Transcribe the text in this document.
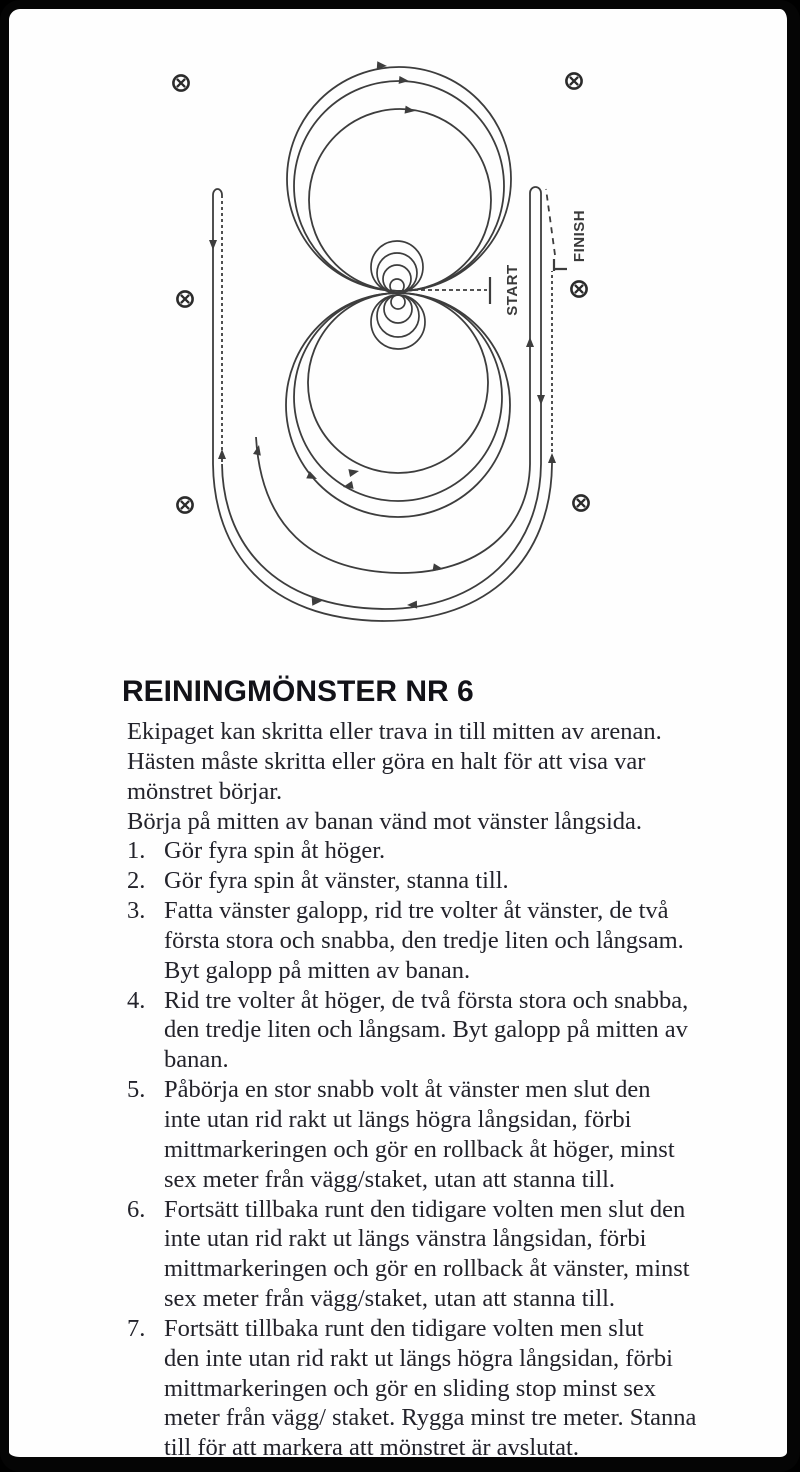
START
FINISH
REININGMÖNSTER NR 6
Ekipaget kan skritta eller trava in till mitten av arenan.
Hästen måste skritta eller göra en halt för att visa var
mönstret börjar.
Börja på mitten av banan vänd mot vänster långsida.
1. Gör fyra spin åt höger.
2. Gör fyra spin åt vänster, stanna till.
3. Fatta vänster galopp, rid tre volter åt vänster, de två
första stora och snabba, den tredje liten och långsam.
Byt galopp på mitten av banan.
4. Rid tre volter åt höger, de två första stora och snabba,
den tredje liten och långsam. Byt galopp på mitten av
banan.
5. Påbörja en stor snabb volt åt vänster men slut den
inte utan rid rakt ut längs högra långsidan, förbi
mittmarkeringen och gör en rollback åt höger, minst
sex meter från vägg/staket, utan att stanna till.
6. Fortsätt tillbaka runt den tidigare volten men slut den
inte utan rid rakt ut längs vänstra långsidan, förbi
mittmarkeringen och gör en rollback åt vänster, minst
sex meter från vägg/staket, utan att stanna till.
7. Fortsätt tillbaka runt den tidigare volten men slut
den inte utan rid rakt ut längs högra långsidan, förbi
mittmarkeringen och gör en sliding stop minst sex
meter från vägg/ staket. Rygga minst tre meter. Stanna
till för att markera att mönstret är avslutat.
